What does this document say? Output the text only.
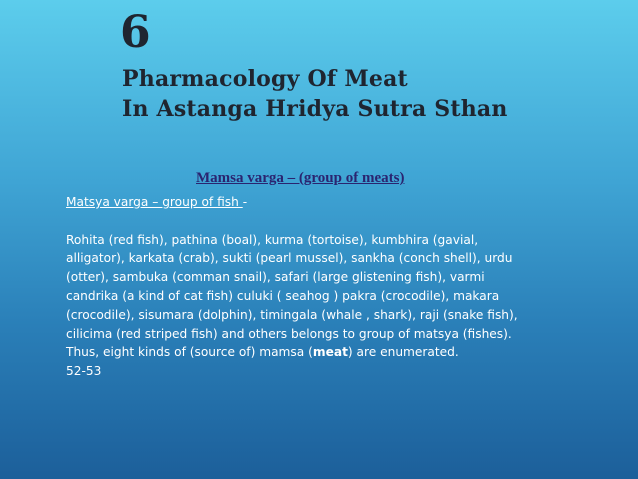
6
Pharmacology Of Meat
In Astanga Hridya Sutra Sthan
Mamsa varga – (group of meats)
Matsya varga – group of fish -
Rohita (red fish), pathina (boal), kurma (tortoise), kumbhira (gavial,
alligator), karkata (crab), sukti (pearl mussel), sankha (conch shell), urdu
(otter), sambuka (comman snail), safari (large glistening fish), varmi
candrika (a kind of cat fish) culuki ( seahog ) pakra (crocodile), makara
(crocodile), sisumara (dolphin), timingala (whale , shark), raji (snake fish),
cilicima (red striped fish) and others belongs to group of matsya (fishes).
Thus, eight kinds of (source of) mamsa (meat) are enumerated.
52-53
